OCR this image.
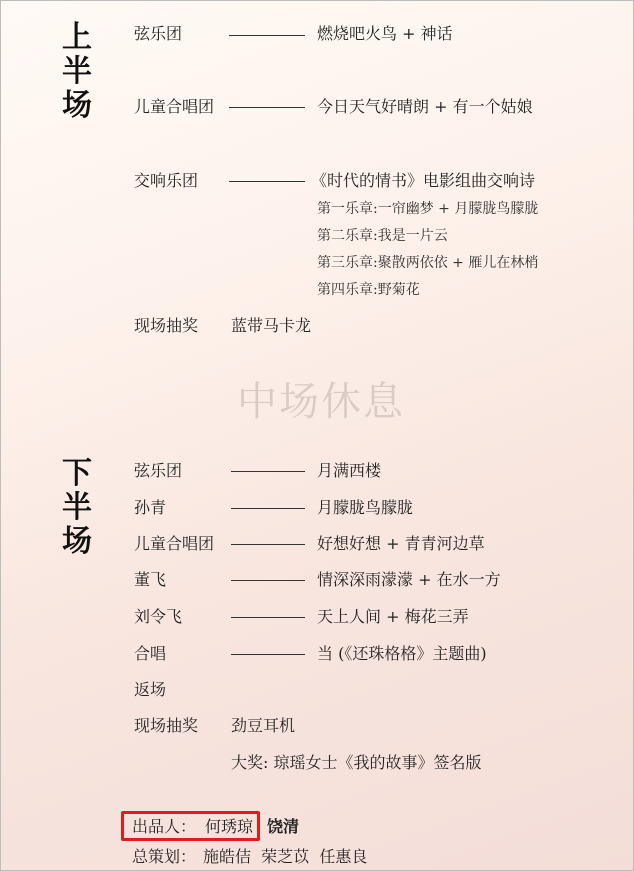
上
半
场
弦乐团	燃烧吧火鸟 + 神话
儿童合唱团	今日天气好晴朗 + 有一个姑娘
交响乐团	《时代的情书》电影组曲交响诗
第一乐章:一帘幽梦 + 月朦胧鸟朦胧
第二乐章:我是一片云
第三乐章:聚散两依依 + 雁儿在林梢
第四乐章:野菊花
现场抽奖 蓝带马卡龙
中场休息
下
半
场
弦乐团	月满西楼
孙青	月朦胧鸟朦胧
儿童合唱团	好想好想 + 青青河边草
董飞	情深深雨濛濛 + 在水一方
刘令飞	天上人间 + 梅花三弄
合唱	当 (《还珠格格》主题曲)
返场
现场抽奖 劲豆耳机
大奖: 琼瑶女士《我的故事》签名版
出品人： 何琇琼 饶清
总策划： 施皓佶  荣芝苡  任惠良
